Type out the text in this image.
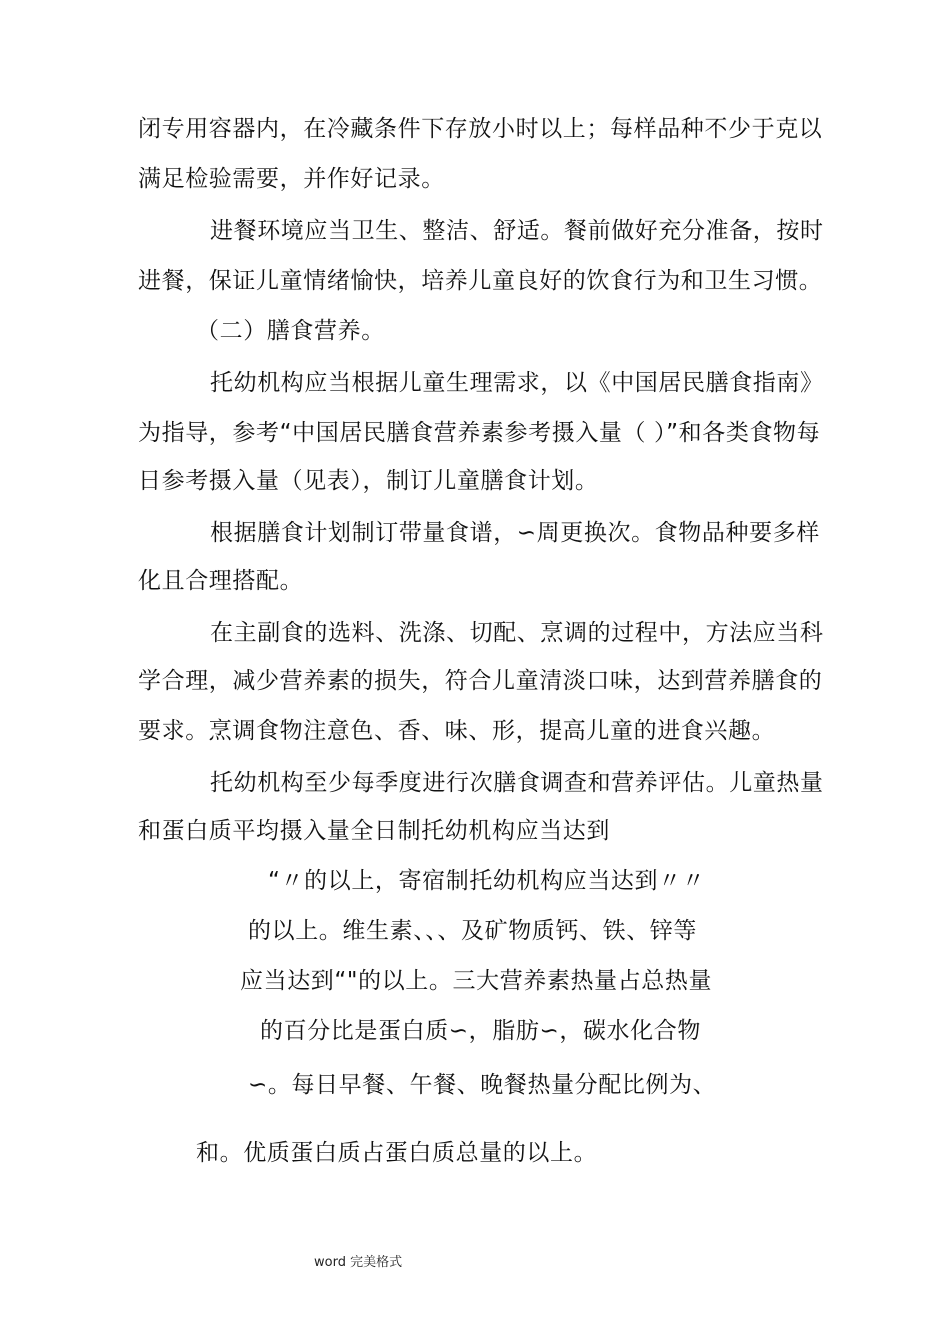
闭专用容器内，在冷藏条件下存放小时以上；每样品种不少于克以
满足检验需要，并作好记录。
进餐环境应当卫生、整洁、舒适。餐前做好充分准备，按时
进餐，保证儿童情绪愉快，培养儿童良好的饮食行为和卫生习惯。
（二）膳食营养。
托幼机构应当根据儿童生理需求，以《中国居民膳食指南》
为指导，参考“中国居民膳食营养素参考摄入量（ ）”和各类食物每
日参考摄入量（见表），制订儿童膳食计划。
根据膳食计划制订带量食谱，∽周更换次。食物品种要多样
化且合理搭配。
在主副食的选料、洗涤、切配、烹调的过程中，方法应当科
学合理，减少营养素的损失，符合儿童清淡口味，达到营养膳食的
要求。烹调食物注意色、香、味、形，提高儿童的进食兴趣。
托幼机构至少每季度进行次膳食调查和营养评估。儿童热量
和蛋白质平均摄入量全日制托幼机构应当达到
“〃的以上，寄宿制托幼机构应当达到〃〃
的以上。维生素、、、及矿物质钙、铁、锌等
应当达到“"的以上。三大营养素热量占总热量
的百分比是蛋白质∽，脂肪∽，碳水化合物
∽。每日早餐、午餐、晚餐热量分配比例为、
和。优质蛋白质占蛋白质总量的以上。
word 完美格式
